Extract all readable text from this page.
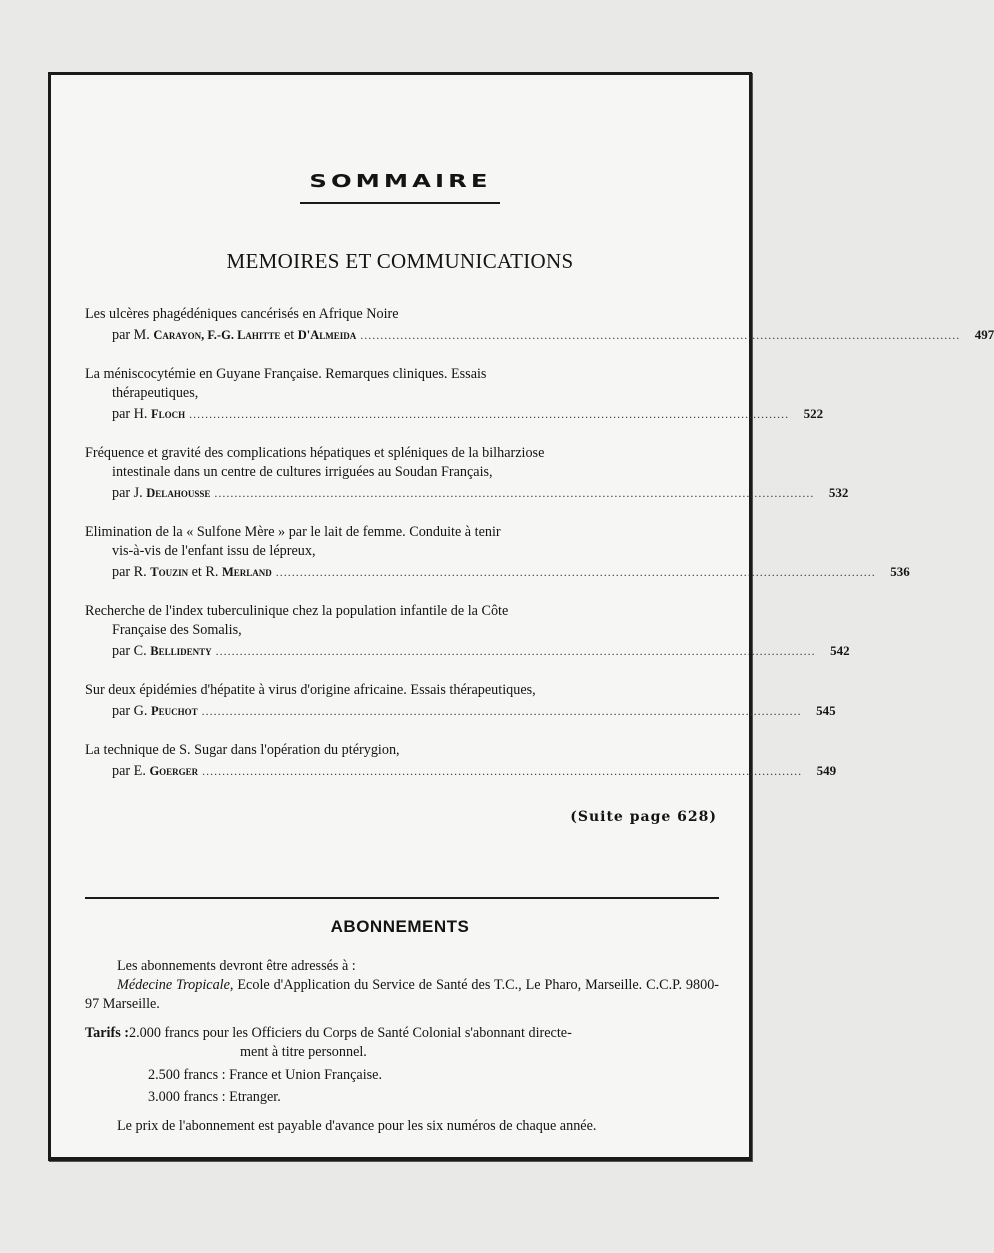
SOMMAIRE
MEMOIRES ET COMMUNICATIONS
Les ulcères phagédéniques cancérisés en Afrique Noire
par M. Carayon, F.-G. Lahitte et D'Almeida ......................................................................................................................................................	497
La méniscocytémie en Guyane Française. Remarques cliniques. Essais
thérapeutiques,
par H. Floch ......................................................................................................................................................	522
Fréquence et gravité des complications hépatiques et spléniques de la bilharziose
intestinale dans un centre de cultures irriguées au Soudan Français,
par J. Delahousse ......................................................................................................................................................	532
Elimination de la « Sulfone Mère » par le lait de femme. Conduite à tenir
vis-à-vis de l'enfant issu de lépreux,
par R. Touzin et R. Merland ......................................................................................................................................................	536
Recherche de l'index tuberculinique chez la population infantile de la Côte
Française des Somalis,
par C. Bellidenty ......................................................................................................................................................	542
Sur deux épidémies d'hépatite à virus d'origine africaine. Essais thérapeutiques,
par G. Peuchot ......................................................................................................................................................	545
La technique de S. Sugar dans l'opération du ptérygion,
par E. Goerger ......................................................................................................................................................	549
(Suite page 628)
ABONNEMENTS

Les abonnements devront être adressés à :

Médecine Tropicale, Ecole d'Application du Service de Santé des T.C., Le Pharo, Marseille. C.C.P. 9800-97 Marseille.

Tarifs : 2.000 francs pour les Officiers du Corps de Santé Colonial s'abonnant directe-
ment à titre personnel.
2.500 francs : France et Union Française.
3.000 francs : Etranger.

Le prix de l'abonnement est payable d'avance pour les six numéros de chaque année.
